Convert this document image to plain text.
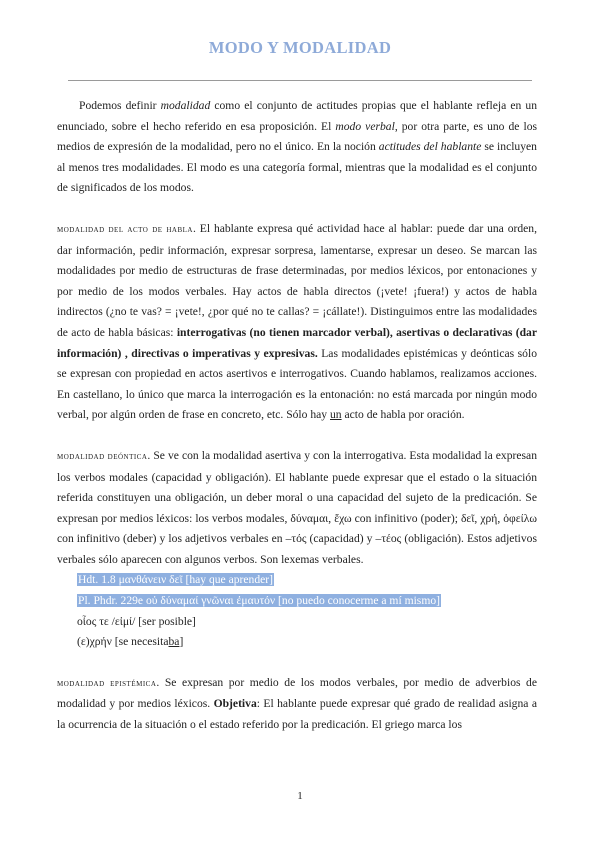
MODO Y MODALIDAD

Podemos definir modalidad como el conjunto de actitudes propias que el hablante refleja en un enunciado, sobre el hecho referido en esa proposición. El modo verbal, por otra parte, es uno de los medios de expresión de la modalidad, pero no el único. En la noción actitudes del hablante se incluyen al menos tres modalidades. El modo es una categoría formal, mientras que la modalidad es el conjunto de significados de los modos.

modalidad del acto de habla. El hablante expresa qué actividad hace al hablar: puede dar una orden, dar información, pedir información, expresar sorpresa, lamentarse, expresar un deseo. Se marcan las modalidades por medio de estructuras de frase determinadas, por medios léxicos, por entonaciones y por medio de los modos verbales. Hay actos de habla directos (¡vete! ¡fuera!) y actos de habla indirectos (¿no te vas? = ¡vete!, ¿por qué no te callas? = ¡cállate!). Distinguimos entre las modalidades de acto de habla básicas: interrogativas (no tienen marcador verbal), asertivas o declarativas (dar información) , directivas o imperativas y expresivas. Las modalidades epistémicas y deónticas sólo se expresan con propiedad en actos asertivos e interrogativos. Cuando hablamos, realizamos acciones. En castellano, lo único que marca la interrogación es la entonación: no está marcada por ningún modo verbal, por algún orden de frase en concreto, etc. Sólo hay un acto de habla por oración.

modalidad deóntica. Se ve con la modalidad asertiva y con la interrogativa. Esta modalidad la expresan los verbos modales (capacidad y obligación). El hablante puede expresar que el estado o la situación referida constituyen una obligación, un deber moral o una capacidad del sujeto de la predicación. Se expresan por medios léxicos: los verbos modales, δύναμαι, ἔχω con infinitivo (poder); δεῖ, χρή, ὀφείλω con infinitivo (deber) y los adjetivos verbales en –τός (capacidad) y –τέος (obligación). Estos adjetivos verbales sólo aparecen con algunos verbos. Son lexemas verbales.

Hdt. 1.8 μανθάνειν δεῖ [hay que aprender]

Pl. Phdr. 229e οὐ δύναμαί γνῶναι ἐμαυτόν [no puedo conocerme a mí mismo]

οἷος τε /εἰμί/ [ser posible]

(ε)χρήν [se necesitaba]

modalidad epistémica. Se expresan por medio de los modos verbales, por medio de adverbios de modalidad y por medios léxicos. Objetiva: El hablante puede expresar qué grado de realidad asigna a la ocurrencia de la situación o el estado referido por la predicación. El griego marca los

1
